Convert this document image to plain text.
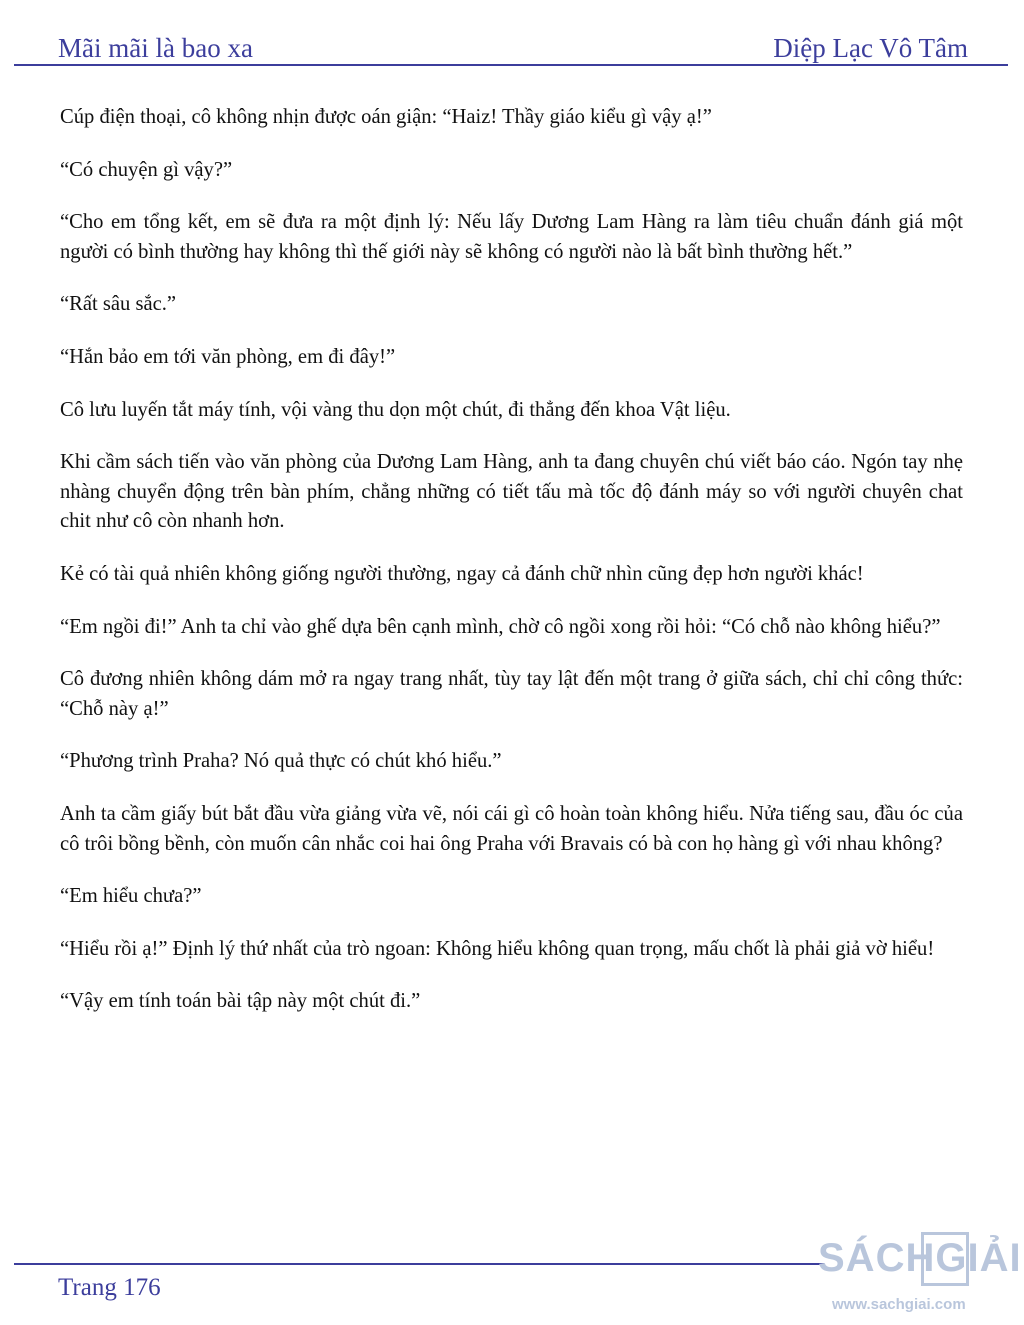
Mãi mãi là bao xa	Diệp Lạc Vô Tâm

Cúp điện thoại, cô không nhịn được oán giận: “Haiz! Thầy giáo kiểu gì vậy ạ!”

“Có chuyện gì vậy?”

“Cho em tổng kết, em sẽ đưa ra một định lý: Nếu lấy Dương Lam Hàng ra làm tiêu chuẩn đánh giá một người có bình thường hay không thì thế giới này sẽ không có người nào là bất bình thường hết.”

“Rất sâu sắc.”

“Hắn bảo em tới văn phòng, em đi đây!”

Cô lưu luyến tắt máy tính, vội vàng thu dọn một chút, đi thẳng đến khoa Vật liệu.

Khi cầm sách tiến vào văn phòng của Dương Lam Hàng, anh ta đang chuyên chú viết báo cáo. Ngón tay nhẹ nhàng chuyển động trên bàn phím, chẳng những có tiết tấu mà tốc độ đánh máy so với người chuyên chat chit như cô còn nhanh hơn.

Kẻ có tài quả nhiên không giống người thường, ngay cả đánh chữ nhìn cũng đẹp hơn người khác!

“Em ngồi đi!” Anh ta chỉ vào ghế dựa bên cạnh mình, chờ cô ngồi xong rồi hỏi: “Có chỗ nào không hiểu?”

Cô đương nhiên không dám mở ra ngay trang nhất, tùy tay lật đến một trang ở giữa sách, chỉ chỉ công thức: “Chỗ này ạ!”

“Phương trình Praha? Nó quả thực có chút khó hiểu.”

Anh ta cầm giấy bút bắt đầu vừa giảng vừa vẽ, nói cái gì cô hoàn toàn không hiểu. Nửa tiếng sau, đầu óc của cô trôi bồng bềnh, còn muốn cân nhắc coi hai ông Praha với Bravais có bà con họ hàng gì với nhau không?

“Em hiểu chưa?”

“Hiểu rồi ạ!” Định lý thứ nhất của trò ngoan: Không hiểu không quan trọng, mấu chốt là phải giả vờ hiểu!

“Vậy em tính toán bài tập này một chút đi.”

Trang 176
SÁCHGIẢI
www.sachgiai.com
